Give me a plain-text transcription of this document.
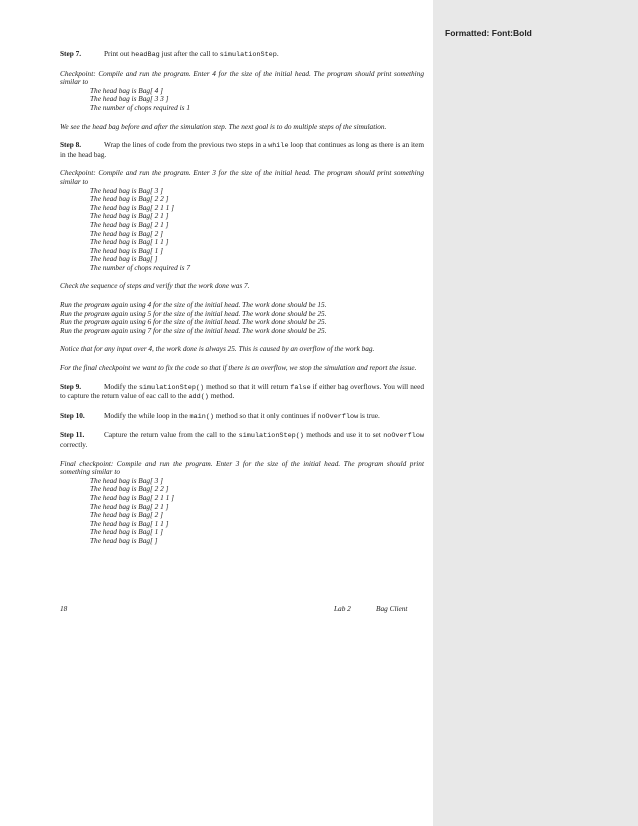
Formatted: Font:Bold

Step 7.	Print out headBag just after the call to simulationStep.

Checkpoint: Compile and run the program. Enter 4 for the size of the initial head. The program should print something similar to

The head bag is Bag[ 4 ]
The head bag is Bag[ 3 3 ]
The number of chops required is 1

We see the head bag before and after the simulation step. The next goal is to do multiple steps of the simulation.

Step 8.	Wrap the lines of code from the previous two steps in a while loop that continues as long as there is an item in the head bag.

Checkpoint: Compile and run the program. Enter 3 for the size of the initial head. The program should print something similar to

The head bag is Bag[ 3 ]
The head bag is Bag[ 2 2 ]
The head bag is Bag[ 2 1 1 ]
The head bag is Bag[ 2 1 ]
The head bag is Bag[ 2 1 ]
The head bag is Bag[ 2 ]
The head bag is Bag[ 1 1 ]
The head bag is Bag[ 1 ]
The head bag is Bag[ ]
The number of chops required is 7

Check the sequence of steps and verify that the work done was 7.

Run the program again using 4 for the size of the initial head. The work done should be 15.
Run the program again using 5 for the size of the initial head. The work done should be 25.
Run the program again using 6 for the size of the initial head. The work done should be 25.
Run the program again using 7 for the size of the initial head. The work done should be 25.

Notice that for any input over 4, the work done is always 25. This is caused by an overflow of the work bag.

For the final checkpoint we want to fix the code so that if there is an overflow, we stop the simulation and report the issue.

Step 9.	Modify the simulationStep() method so that it will return false if either bag overflows. You will need to capture the return value of eac call to the add() method.

Step 10.	Modify the while loop in the main() method so that it only continues if noOverflow is true.

Step 11.	Capture the return value from the call to the simulationStep() methods and use it to set noOverflow correctly.

Final checkpoint: Compile and run the program. Enter 3 for the size of the initial head. The program should print something similar to

The head bag is Bag[ 3 ]
The head bag is Bag[ 2 2 ]
The head bag is Bag[ 2 1 1 ]
The head bag is Bag[ 2 1 ]
The head bag is Bag[ 2 ]
The head bag is Bag[ 1 1 ]
The head bag is Bag[ 1 ]
The head bag is Bag[ ]
18	Lab 2	Bag Client
